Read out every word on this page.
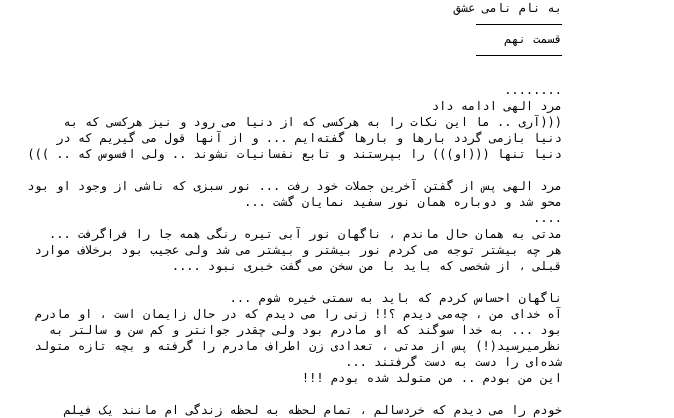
به نام نامی عشق
قسمت نهم
........
مرد الهی ادامه داد
(((آری .. ما این نکات را به هرکسی که از دنیا می رود و نیز هرکسی که به
دنیا بازمی گردد بارها و بارها گفته‌ایم ... و از آنها قول می گیریم که در
دنیا تنها (((او))) را بپرستند و تابع نفسانیات نشوند .. ولی افسوس که .. )))
مرد الهی پس از گفتن آخرین جملات خود رفت ... نور سبزی که ناشی از وجود او بود
محو شد و دوباره همان نور سفید نمایان گشت ...
....
مدتی به همان حال ماندم ، ناگهان نور آبی تیره رنگی همه جا را فراگرفت ...
هر چه بیشتر توجه می کردم نور بیشتر و بیشتر می شد ولی عجیب بود برخلاف موارد
قبلی ، از شخصی که باید با من سخن می گفت خبری نبود ....
ناگهان احساس کردم که باید به سمتی خیره شوم ...
آه خدای من ، چه‌می دیدم ؟!! زنی را می دیدم که در حال زایمان است ، او مادرم
بود ... به خدا سوگند که او مادرم بود ولی چقدر جوانتر و کم سن و سالتر به
نظرمیرسید(!) پس از مدتی ، تعدادی زن اطراف مادرم را گرفته و بچه تازه متولد
شده‌ای را دست به دست گرفتند ...
این من بودم .. من متولد شده بودم !!!
خودم را می دیدم که خردسالم ، تمام لحظه به لحظه زندگی ام مانند یک فیلم
